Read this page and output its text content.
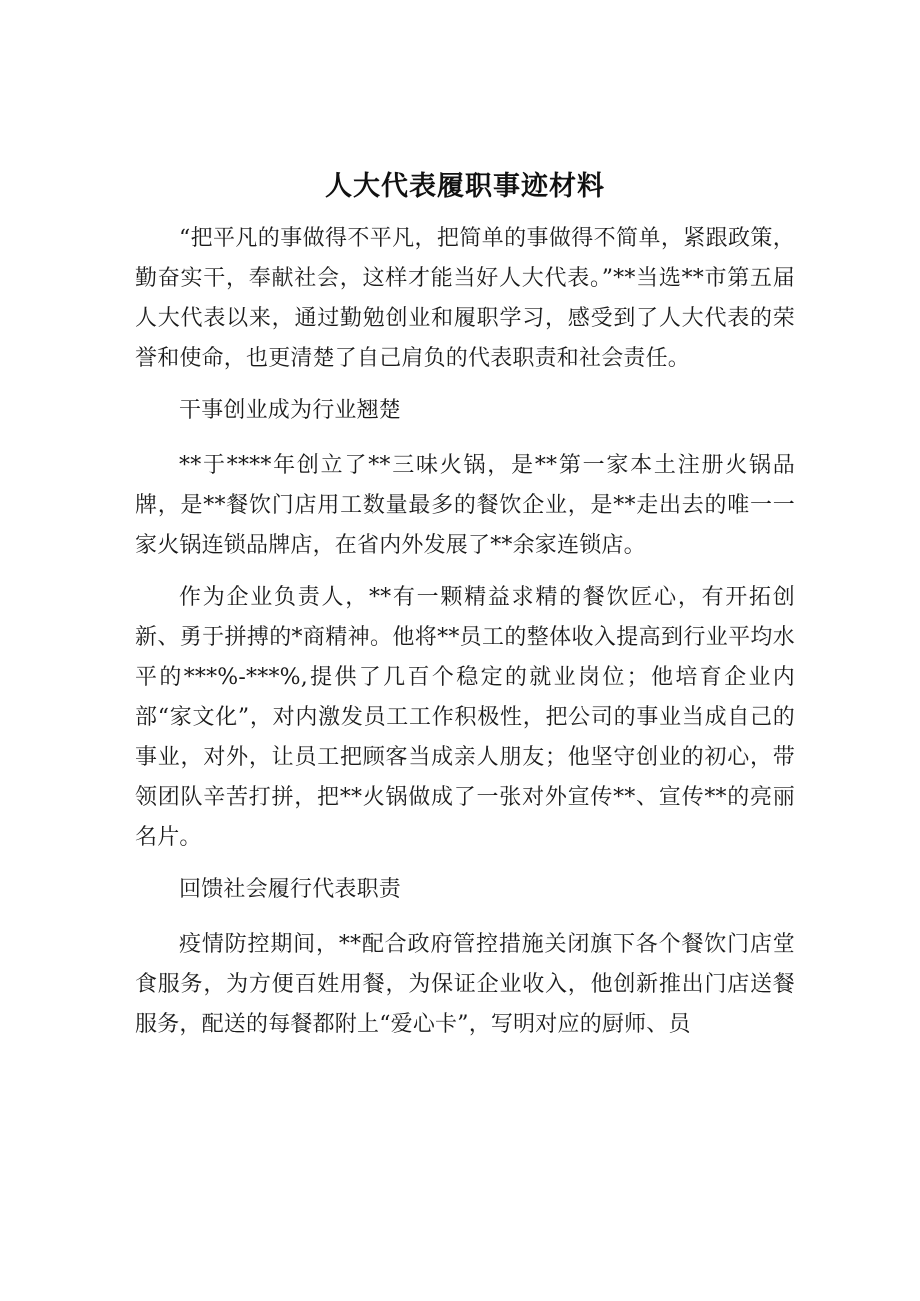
人大代表履职事迹材料

“把平凡的事做得不平凡，把简单的事做得不简单，紧跟政策，勤奋实干，奉献社会，这样才能当好人大代表。”**当选**市第五届人大代表以来，通过勤勉创业和履职学习，感受到了人大代表的荣誉和使命，也更清楚了自己肩负的代表职责和社会责任。

干事创业成为行业翘楚

**于****年创立了**三味火锅，是**第一家本土注册火锅品牌，是**餐饮门店用工数量最多的餐饮企业，是**走出去的唯一一家火锅连锁品牌店，在省内外发展了**余家连锁店。

作为企业负责人，**有一颗精益求精的餐饮匠心，有开拓创新、勇于拼搏的*商精神。他将**员工的整体收入提高到行业平均水平的***%-***%,提供了几百个稳定的就业岗位；他培育企业内部“家文化”，对内激发员工工作积极性，把公司的事业当成自己的事业，对外，让员工把顾客当成亲人朋友；他坚守创业的初心，带领团队辛苦打拼，把**火锅做成了一张对外宣传**、宣传**的亮丽名片。

回馈社会履行代表职责

疫情防控期间，**配合政府管控措施关闭旗下各个餐饮门店堂食服务，为方便百姓用餐，为保证企业收入，他创新推出门店送餐服务，配送的每餐都附上“爱心卡”，写明对应的厨师、员
